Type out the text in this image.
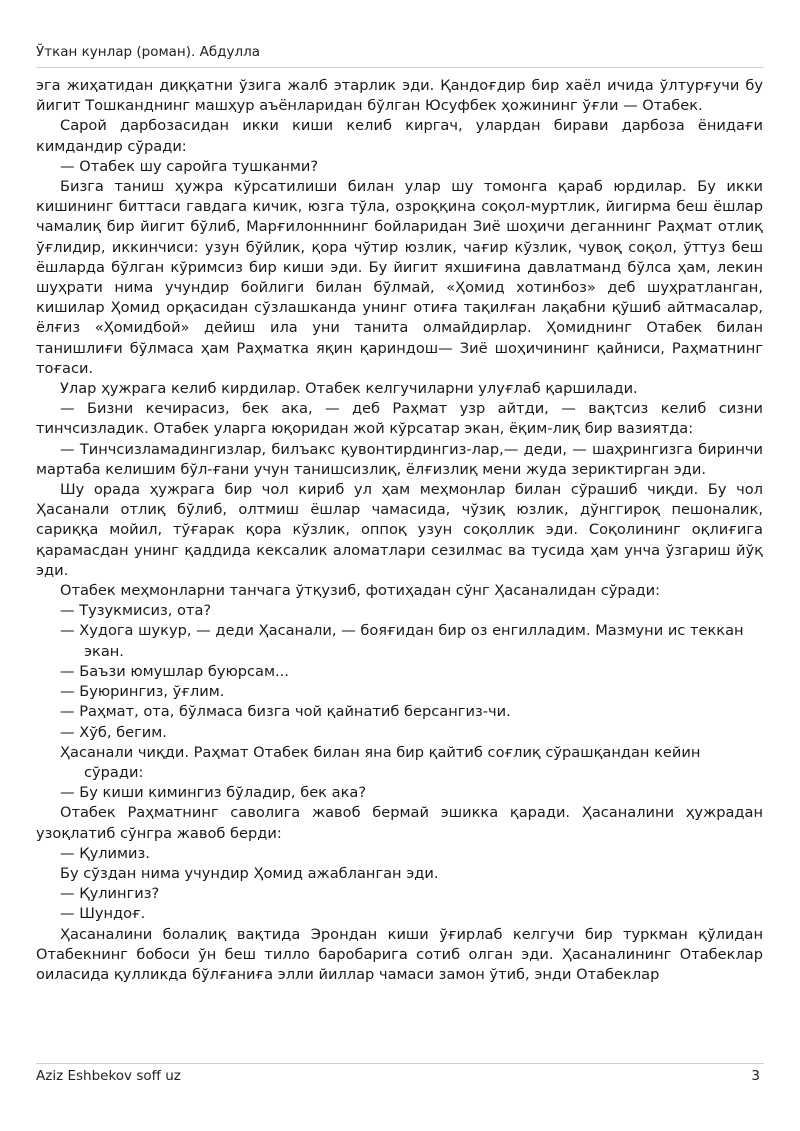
Ўткан кунлар (роман). Абдулла

эга жиҳатидан диққатни ўзига жалб этарлик эди. Қандоғдир бир хаёл ичида ўлтурғучи бу йигит Тошканднинг машҳур аъёнларидан бўлган Юсуфбек ҳожининг ўғли — Отабек.

Сарой дарбозасидан икки киши келиб киргач, улардан бирави дарбоза ёнидағи кимдандир сўради:

— Отабек шу саройга тушканми?

Бизга таниш ҳужра кўрсатилиши билан улар шу томонга қараб юрдилар. Бу икки кишининг биттаси гавдага кичик, юзга тўла, озроққина соқол-муртлик, йигирма беш ёшлар чамалиқ бир йигит бўлиб, Марғилонннинг бойларидан Зиё шоҳичи деганнинг Раҳмат отлиқ ўғлидир, иккинчиси: узун бўйлик, қора чўтир юзлик, чағир кўзлик, чувоқ соқол, ўттуз беш ёшларда бўлган кўримсиз бир киши эди. Бу йигит яхшиғина давлатманд бўлса ҳам, лекин шуҳрати нима учундир бойлиги билан бўлмай, «Ҳомид хотинбоз» деб шуҳратланган, кишилар Ҳомид орқасидан сўзлашканда унинг отиға тақилған лақабни қўшиб айтмасалар, ёлғиз «Ҳомидбой» дейиш ила уни танита олмайдирлар. Ҳомиднинг Отабек билан танишлиғи бўлмаса ҳам Раҳматка яқин қариндош— Зиё шоҳичининг қайниси, Раҳматнинг тоғаси.

Улар ҳужрага келиб кирдилар. Отабек келгучиларни улуғлаб қаршилади.

— Бизни кечирасиз, бек ака, — деб Раҳмат узр айтди, — вақтсиз келиб сизни тинчсизладик. Отабек уларга юқоридан жой кўрсатар экан, ёқим-лиқ бир вазиятда:

— Тинчсизламадингизлар, билъакс қувонтирдингиз-лар,— деди, — шаҳрингизга биринчи мартаба келишим бўл-ғани учун танишсизлиқ, ёлғизлиқ мени жуда зериктирган эди.

Шу орада ҳужрага бир чол кириб ул ҳам меҳмонлар билан сўрашиб чиқди. Бу чол Ҳасанали отлиқ бўлиб, олтмиш ёшлар чамасида, чўзиқ юзлик, дўнггироқ пешоналик, сариққа мойил, тўғарак қора кўзлик, оппоқ узун соқоллик эди. Соқолининг оқлиғига қарамасдан унинг қаддида кексалик аломатлари сезилмас ва тусида ҳам унча ўзгариш йўқ эди.

Отабек меҳмонларни танчага ўтқузиб, фотиҳадан сўнг Ҳасаналидан сўради:

— Тузукмисиз, ота?

— Худога шукур, — деди Ҳасанали, — бояғидан бир оз енгилладим. Мазмуни ис теккан экан.

— Баъзи юмушлар буюрсам...

— Буюрингиз, ўғлим.

— Раҳмат, ота, бўлмаса бизга чой қайнатиб берсангиз-чи.

— Хўб, бегим.

Ҳасанали чиқди. Раҳмат Отабек билан яна бир қайтиб соғлиқ сўрашқандан кейин сўради:

— Бу киши кимингиз бўладир, бек ака?

Отабек Раҳматнинг саволига жавоб бермай эшикка қаради. Ҳасаналини ҳужрадан узоқлатиб сўнгра жавоб берди:

— Қулимиз.

Бу сўздан нима учундир Ҳомид ажабланган эди.

— Қулингиз?

— Шундоғ.

Ҳасаналини болалиқ вақтида Эрондан киши ўғирлаб келгучи бир туркман қўлидан Отабекнинг бобоси ўн беш тилло баробарига сотиб олган эди. Ҳасаналининг Отабеклар оиласида қулликда бўлғаниға элли йиллар чамаси замон ўтиб, энди Отабеклар

Aziz Eshbekov soff uz	3
